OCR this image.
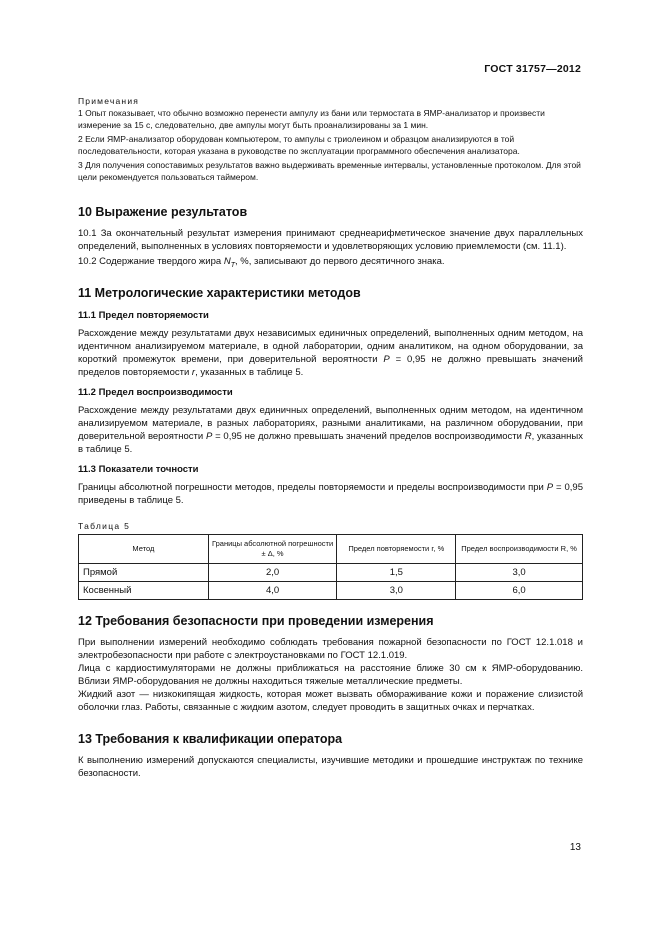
ГОСТ 31757—2012

Примечания

1 Опыт показывает, что обычно возможно перенести ампулу из бани или термостата в ЯМР-анализатор и произвести измерение за 15 с, следовательно, две ампулы могут быть проанализированы за 1 мин.

2 Если ЯМР-анализатор оборудован компьютером, то ампулы с триолеином и образцом анализируются в той последовательности, которая указана в руководстве по эксплуатации программного обеспечения анализатора.

3 Для получения сопоставимых результатов важно выдерживать временные интервалы, установленные протоколом. Для этой цели рекомендуется пользоваться таймером.

10 Выражение результатов

10.1 За окончательный результат измерения принимают среднеарифметическое значение двух параллельных определений, выполненных в условиях повторяемости и удовлетворяющих условию приемлемости (см. 11.1).

10.2 Содержание твердого жира $N_T$, %, записывают до первого десятичного знака.

11 Метрологические характеристики методов
11.1 Предел повторяемости

Расхождение между результатами двух независимых единичных определений, выполненных одним методом, на идентичном анализируемом материале, в одной лаборатории, одним аналитиком, на одном оборудовании, за короткий промежуток времени, при доверительной вероятности P = 0,95 не должно превышать значений пределов повторяемости r, указанных в таблице 5.

11.2 Предел воспроизводимости

Расхождение между результатами двух единичных определений, выполненных одним методом, на идентичном анализируемом материале, в разных лабораториях, разными аналитиками, на различном оборудовании, при доверительной вероятности P = 0,95 не должно превышать значений пределов воспроизводимости R, указанных в таблице 5.

11.3 Показатели точности

Границы абсолютной погрешности методов, пределы повторяемости и пределы воспроизводимости при P = 0,95 приведены в таблице 5.

Таблица 5

Метод	Границы абсолютной погрешности ± Δ, %	Предел повторяемости r, %	Предел воспроизводимости R, %
Прямой	2,0	1,5	3,0
Косвенный	4,0	3,0	6,0
12 Требования безопасности при проведении измерения

При выполнении измерений необходимо соблюдать требования пожарной безопасности по ГОСТ 12.1.018 и электробезопасности при работе с электроустановками по ГОСТ 12.1.019.

Лица с кардиостимуляторами не должны приближаться на расстояние ближе 30 см к ЯМР-оборудованию. Вблизи ЯМР-оборудования не должны находиться тяжелые металлические предметы.

Жидкий азот — низкокипящая жидкость, которая может вызвать обмораживание кожи и поражение слизистой оболочки глаз. Работы, связанные с жидким азотом, следует проводить в защитных очках и перчатках.

13 Требования к квалификации оператора

К выполнению измерений допускаются специалисты, изучившие методики и прошедшие инструктаж по технике безопасности.

13
